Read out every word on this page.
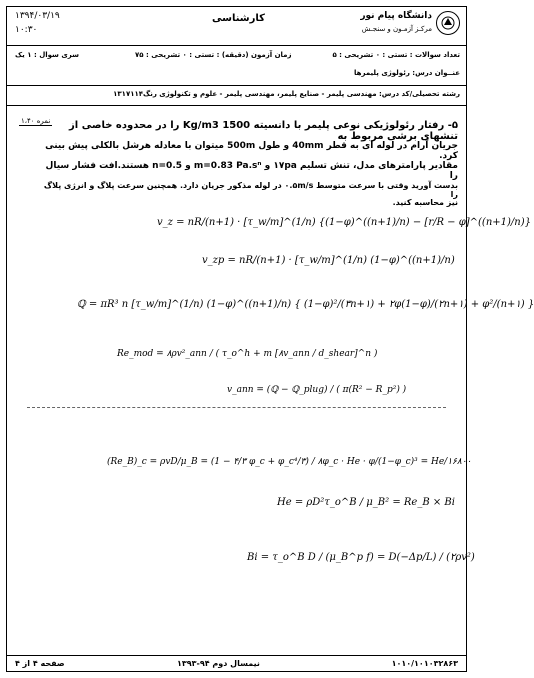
۱۳۹۴/۰۳/۱۹
۱۰:۳۰
کارشناسی	دانشگاه پیام نور
مرکـز آزمـون و سنجـش
سری سوال : ۱ یک	زمان آزمون (دقیقه) : تستی : ۰ تشریحی : ۷۵	تعداد سوالات : تستی : ۰ تشریحی : ۵
عنــوان درس: رئولوژی پلیمرها
رشته تحصیلی/کد درس: مهندسی پلیمر - صنایع پلیمر، مهندسی پلیمر - علوم و تکنولوژی رنگ۱۳۱۷۱۱۴
۱،۴۰ نمره	۵- رفتار رئولوژیکی نوعی پلیمر با دانسیته 1500 Kg/m3 را در محدوده خاصی از تنشهای برشی مربوط به
جریان آرام در لوله ای به قطر 40mm و طول 500m میتوان با معادله هرشل بالکلی پیش بینی کرد.
مقادیر پارامترهای مدل، تنش تسلیم ۱۷pa و m=0.83 Pa.sⁿ و n=0.5 هستند.افت فشار سیال را
بدست آورید وقتی با سرعت متوسط ۰.۵m/s در لوله مذکور جریان دارد. همچنین سرعت پلاگ و انرژی پلاگ را
نیز محاسبه کنید.
v_z = nR/(n+1) · [τ_w/m]^(1/n) {(1−φ)^((n+1)/n) − [r/R − φ]^((n+1)/n)}
v_zp = nR/(n+1) · [τ_w/m]^(1/n) (1−φ)^((n+1)/n)
ℚ = πR³ n [τ_w/m]^(1/n) (1−φ)^((n+1)/n) { (1−φ)²/(۳n+۱) + ۲φ(1−φ)/(۲n+۱) + φ²/(n+۱) }
Re_mod = ۸ρv²_ann / ( τ_o^h + m [۸v_ann / d_shear]^n )
v_ann = (ℚ − ℚ_plug) / ( π(R² − R_p²) )
(Re_B)_c = ρvD/μ_B = (1 − ۴/۳ φ_c + φ_c⁴/۳) / ۸φ_c · He · φ/(1−φ_c)³ = He/۱۶۸۰۰
He = ρD²τ_o^B / μ_B² = Re_B × Bi
Bi = τ_o^B D / (μ_B^p f) = D(−Δp/L) / (۲ρv²)
صفحه ۴ از ۴	نیمسال دوم ۹۴-۱۳۹۳	۱۰۱۰/۱۰۱۰۳۲۸۶۳
